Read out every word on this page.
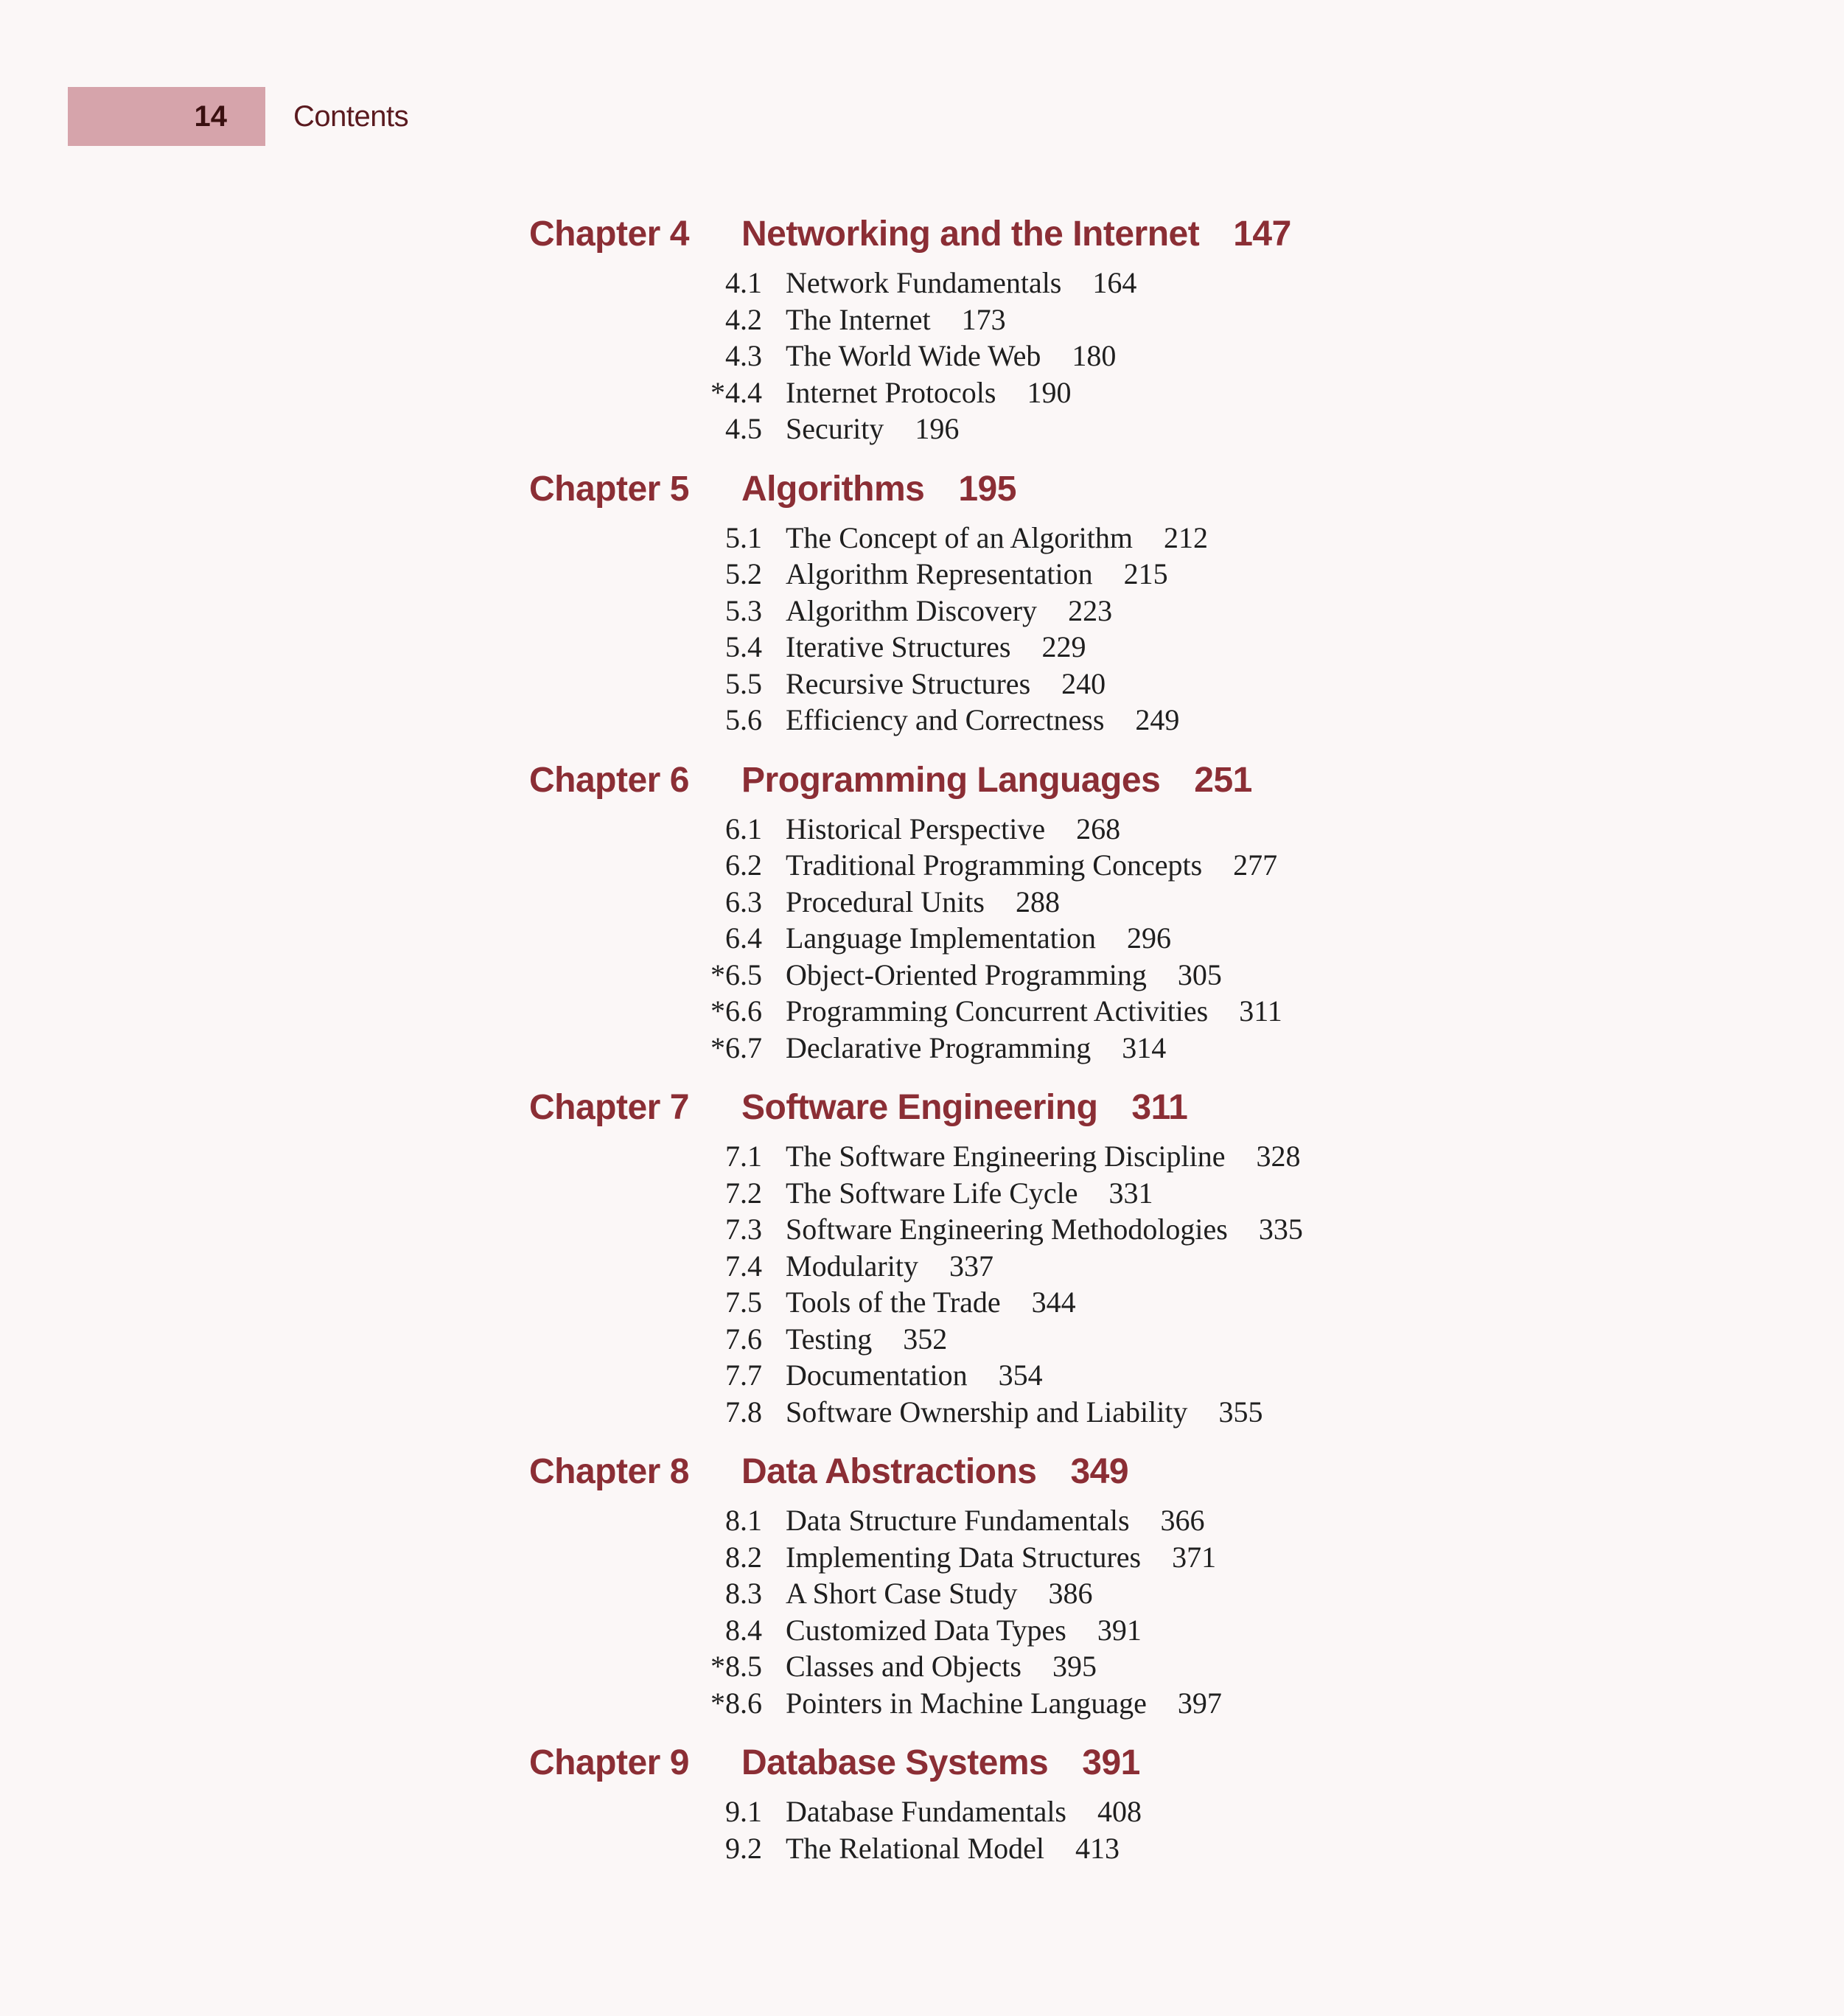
14	Contents
Chapter 4	Networking and the Internet 147
4.1 Network Fundamentals 164
4.2 The Internet 173
4.3 The World Wide Web 180
*4.4 Internet Protocols 190
4.5 Security 196
Chapter 5	Algorithms 195
5.1 The Concept of an Algorithm 212
5.2 Algorithm Representation 215
5.3 Algorithm Discovery 223
5.4 Iterative Structures 229
5.5 Recursive Structures 240
5.6 Efficiency and Correctness 249
Chapter 6	Programming Languages 251
6.1 Historical Perspective 268
6.2 Traditional Programming Concepts 277
6.3 Procedural Units 288
6.4 Language Implementation 296
*6.5 Object-Oriented Programming 305
*6.6 Programming Concurrent Activities 311
*6.7 Declarative Programming 314
Chapter 7	Software Engineering 311
7.1 The Software Engineering Discipline 328
7.2 The Software Life Cycle 331
7.3 Software Engineering Methodologies 335
7.4 Modularity 337
7.5 Tools of the Trade 344
7.6 Testing 352
7.7 Documentation 354
7.8 Software Ownership and Liability 355
Chapter 8	Data Abstractions 349
8.1 Data Structure Fundamentals 366
8.2 Implementing Data Structures 371
8.3 A Short Case Study 386
8.4 Customized Data Types 391
*8.5 Classes and Objects 395
*8.6 Pointers in Machine Language 397
Chapter 9	Database Systems 391
9.1 Database Fundamentals 408
9.2 The Relational Model 413
